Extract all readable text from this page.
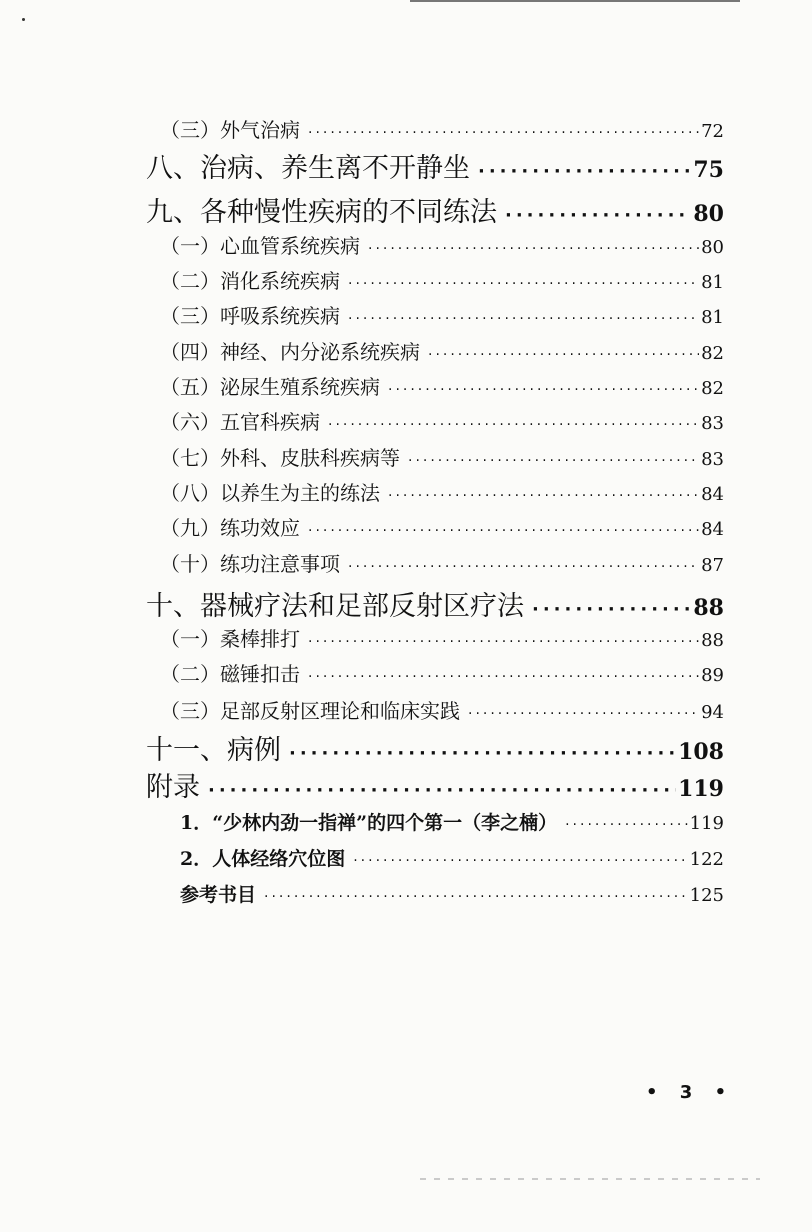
（三）外气治病 ·····	72
八、治病、养生离不开静坐 ·····	75
九、各种慢性疾病的不同练法 ·····	80
（一）心血管系统疾病 ·····	80
（二）消化系统疾病 ·····	81
（三）呼吸系统疾病 ·····	81
（四）神经、内分泌系统疾病 ·····	82
（五）泌尿生殖系统疾病 ·····	82
（六）五官科疾病 ·····	83
（七）外科、皮肤科疾病等 ·····	83
（八）以养生为主的练法 ·····	84
（九）练功效应 ·····	84
（十）练功注意事项 ·····	87
十、器械疗法和足部反射区疗法 ·····	88
（一）桑棒排打 ·····	88
（二）磁锤扣击 ·····	89
（三）足部反射区理论和临床实践 ·····	94
十一、病例 ·····	108
附录 ·····	119
1．“少林内劲一指禅”的四个第一（李之楠） ·····	119
2．人体经络穴位图 ·····	122
参考书目 ·····	125
• 3 •
